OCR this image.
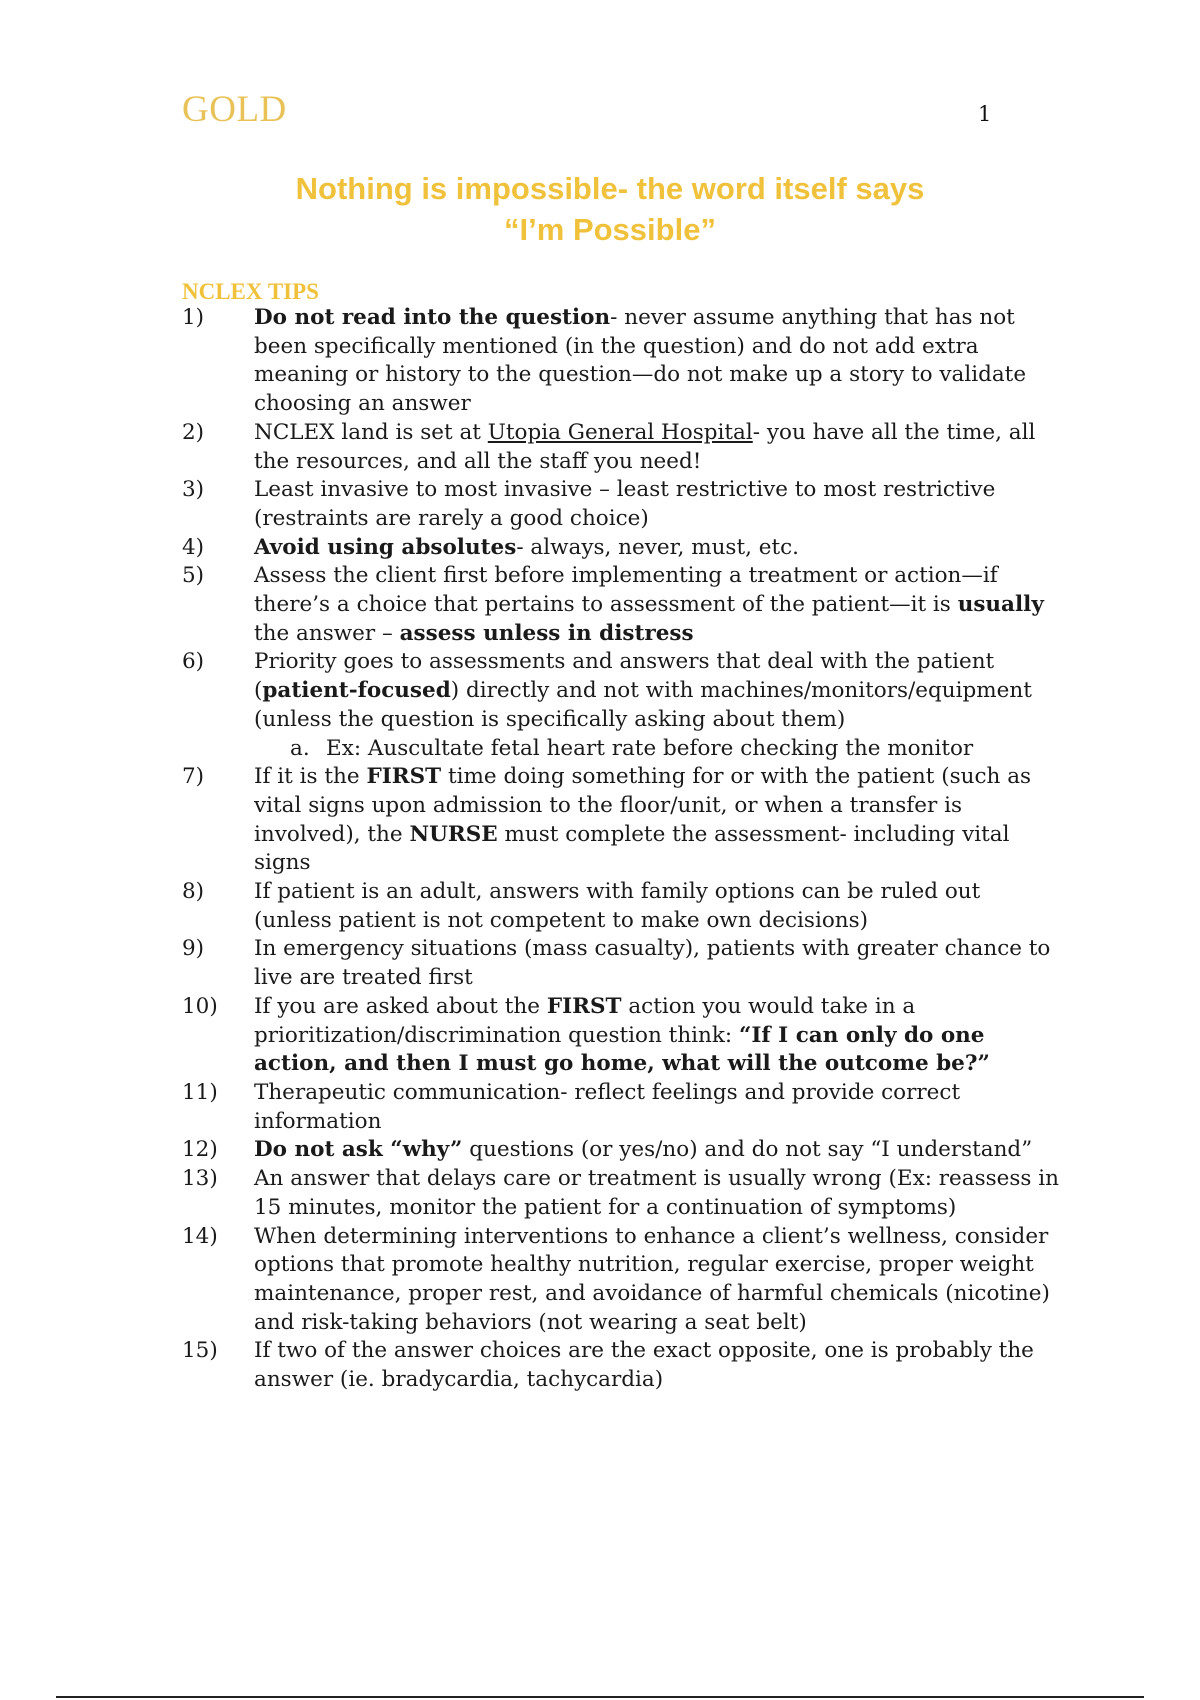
GOLD	1
Nothing is impossible- the word itself says
“I’m Possible”
NCLEX TIPS
1)	Do not read into the question- never assume anything that has not been specifically mentioned (in the question) and do not add extra meaning or history to the question—do not make up a story to validate choosing an answer
2)	NCLEX land is set at Utopia General Hospital- you have all the time, all the resources, and all the staff you need!
3)	Least invasive to most invasive – least restrictive to most restrictive (restraints are rarely a good choice)
4)	Avoid using absolutes- always, never, must, etc.
5)	Assess the client first before implementing a treatment or action—if there’s a choice that pertains to assessment of the patient—it is usually the answer – assess unless in distress
6)	Priority goes to assessments and answers that deal with the patient (patient-focused) directly and not with machines/monitors/equipment (unless the question is specifically asking about them)
a. Ex: Auscultate fetal heart rate before checking the monitor
7)	If it is the FIRST time doing something for or with the patient (such as vital signs upon admission to the floor/unit, or when a transfer is involved), the NURSE must complete the assessment- including vital signs
8)	If patient is an adult, answers with family options can be ruled out (unless patient is not competent to make own decisions)
9)	In emergency situations (mass casualty), patients with greater chance to live are treated first
10)	If you are asked about the FIRST action you would take in a prioritization/discrimination question think: “If I can only do one action, and then I must go home, what will the outcome be?”
11)	Therapeutic communication- reflect feelings and provide correct information
12)	Do not ask “why” questions (or yes/no) and do not say “I understand”
13)	An answer that delays care or treatment is usually wrong (Ex: reassess in 15 minutes, monitor the patient for a continuation of symptoms)
14)	When determining interventions to enhance a client’s wellness, consider options that promote healthy nutrition, regular exercise, proper weight maintenance, proper rest, and avoidance of harmful chemicals (nicotine) and risk-taking behaviors (not wearing a seat belt)
15)	If two of the answer choices are the exact opposite, one is probably the answer (ie. bradycardia, tachycardia)
